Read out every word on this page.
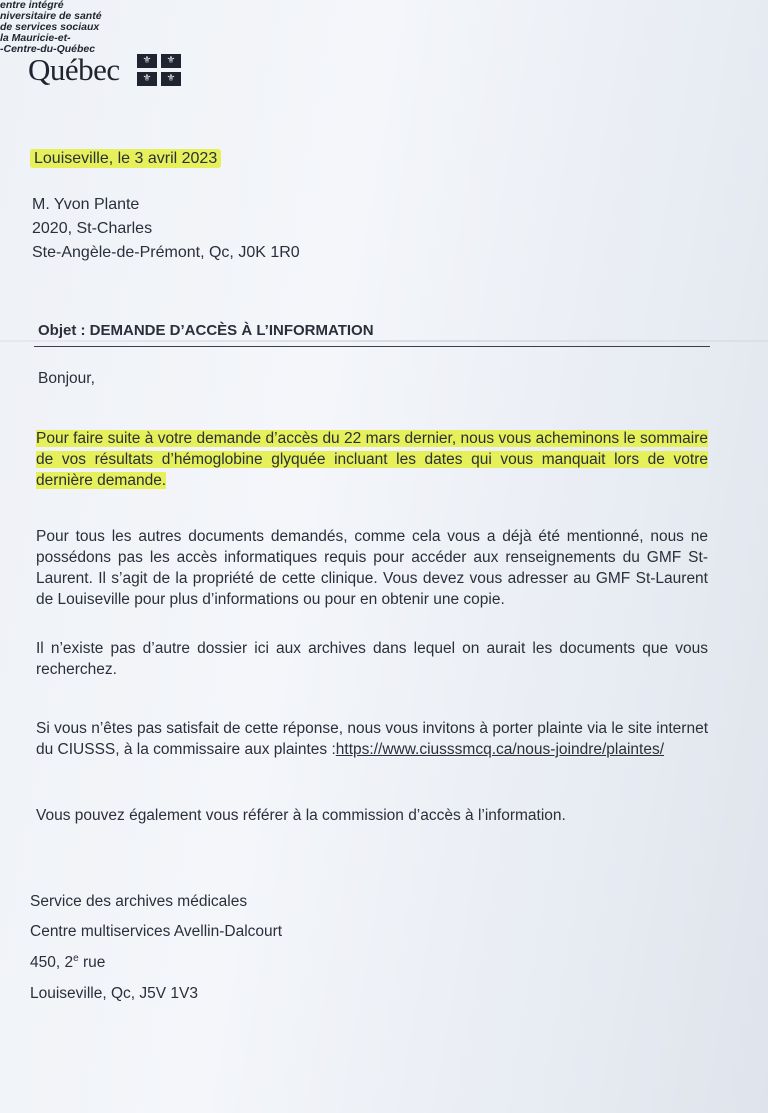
entre intégré
niversitaire de santé
de services sociaux
la Mauricie-et-
-Centre-du-Québec
Québec	⚜	⚜
⚜	⚜
Louiseville, le 3 avril 2023
M. Yvon Plante
2020, St-Charles
Ste-Angèle-de-Prémont, Qc, J0K 1R0
Objet : DEMANDE D’ACCÈS À L’INFORMATION
Bonjour,

Pour faire suite à votre demande d’accès du 22 mars dernier, nous vous acheminons le sommaire de vos résultats d’hémoglobine glyquée incluant les dates qui vous manquait lors de votre dernière demande.

Pour tous les autres documents demandés, comme cela vous a déjà été mentionné, nous ne possédons pas les accès informatiques requis pour accéder aux renseignements du GMF St-Laurent. Il s’agit de la propriété de cette clinique. Vous devez vous adresser au GMF St-Laurent de Louiseville pour plus d’informations ou pour en obtenir une copie.

Il n’existe pas d’autre dossier ici aux archives dans lequel on aurait les documents que vous recherchez.

Si vous n’êtes pas satisfait de cette réponse, nous vous invitons à porter plainte via le site internet du CIUSSS, à la commissaire aux plaintes :https://www.ciusssmcq.ca/nous-joindre/plaintes/

Vous pouvez également vous référer à la commission d’accès à l’information.

Service des archives médicales
Centre multiservices Avellin-Dalcourt
450, 2e rue
Louiseville, Qc, J5V 1V3
